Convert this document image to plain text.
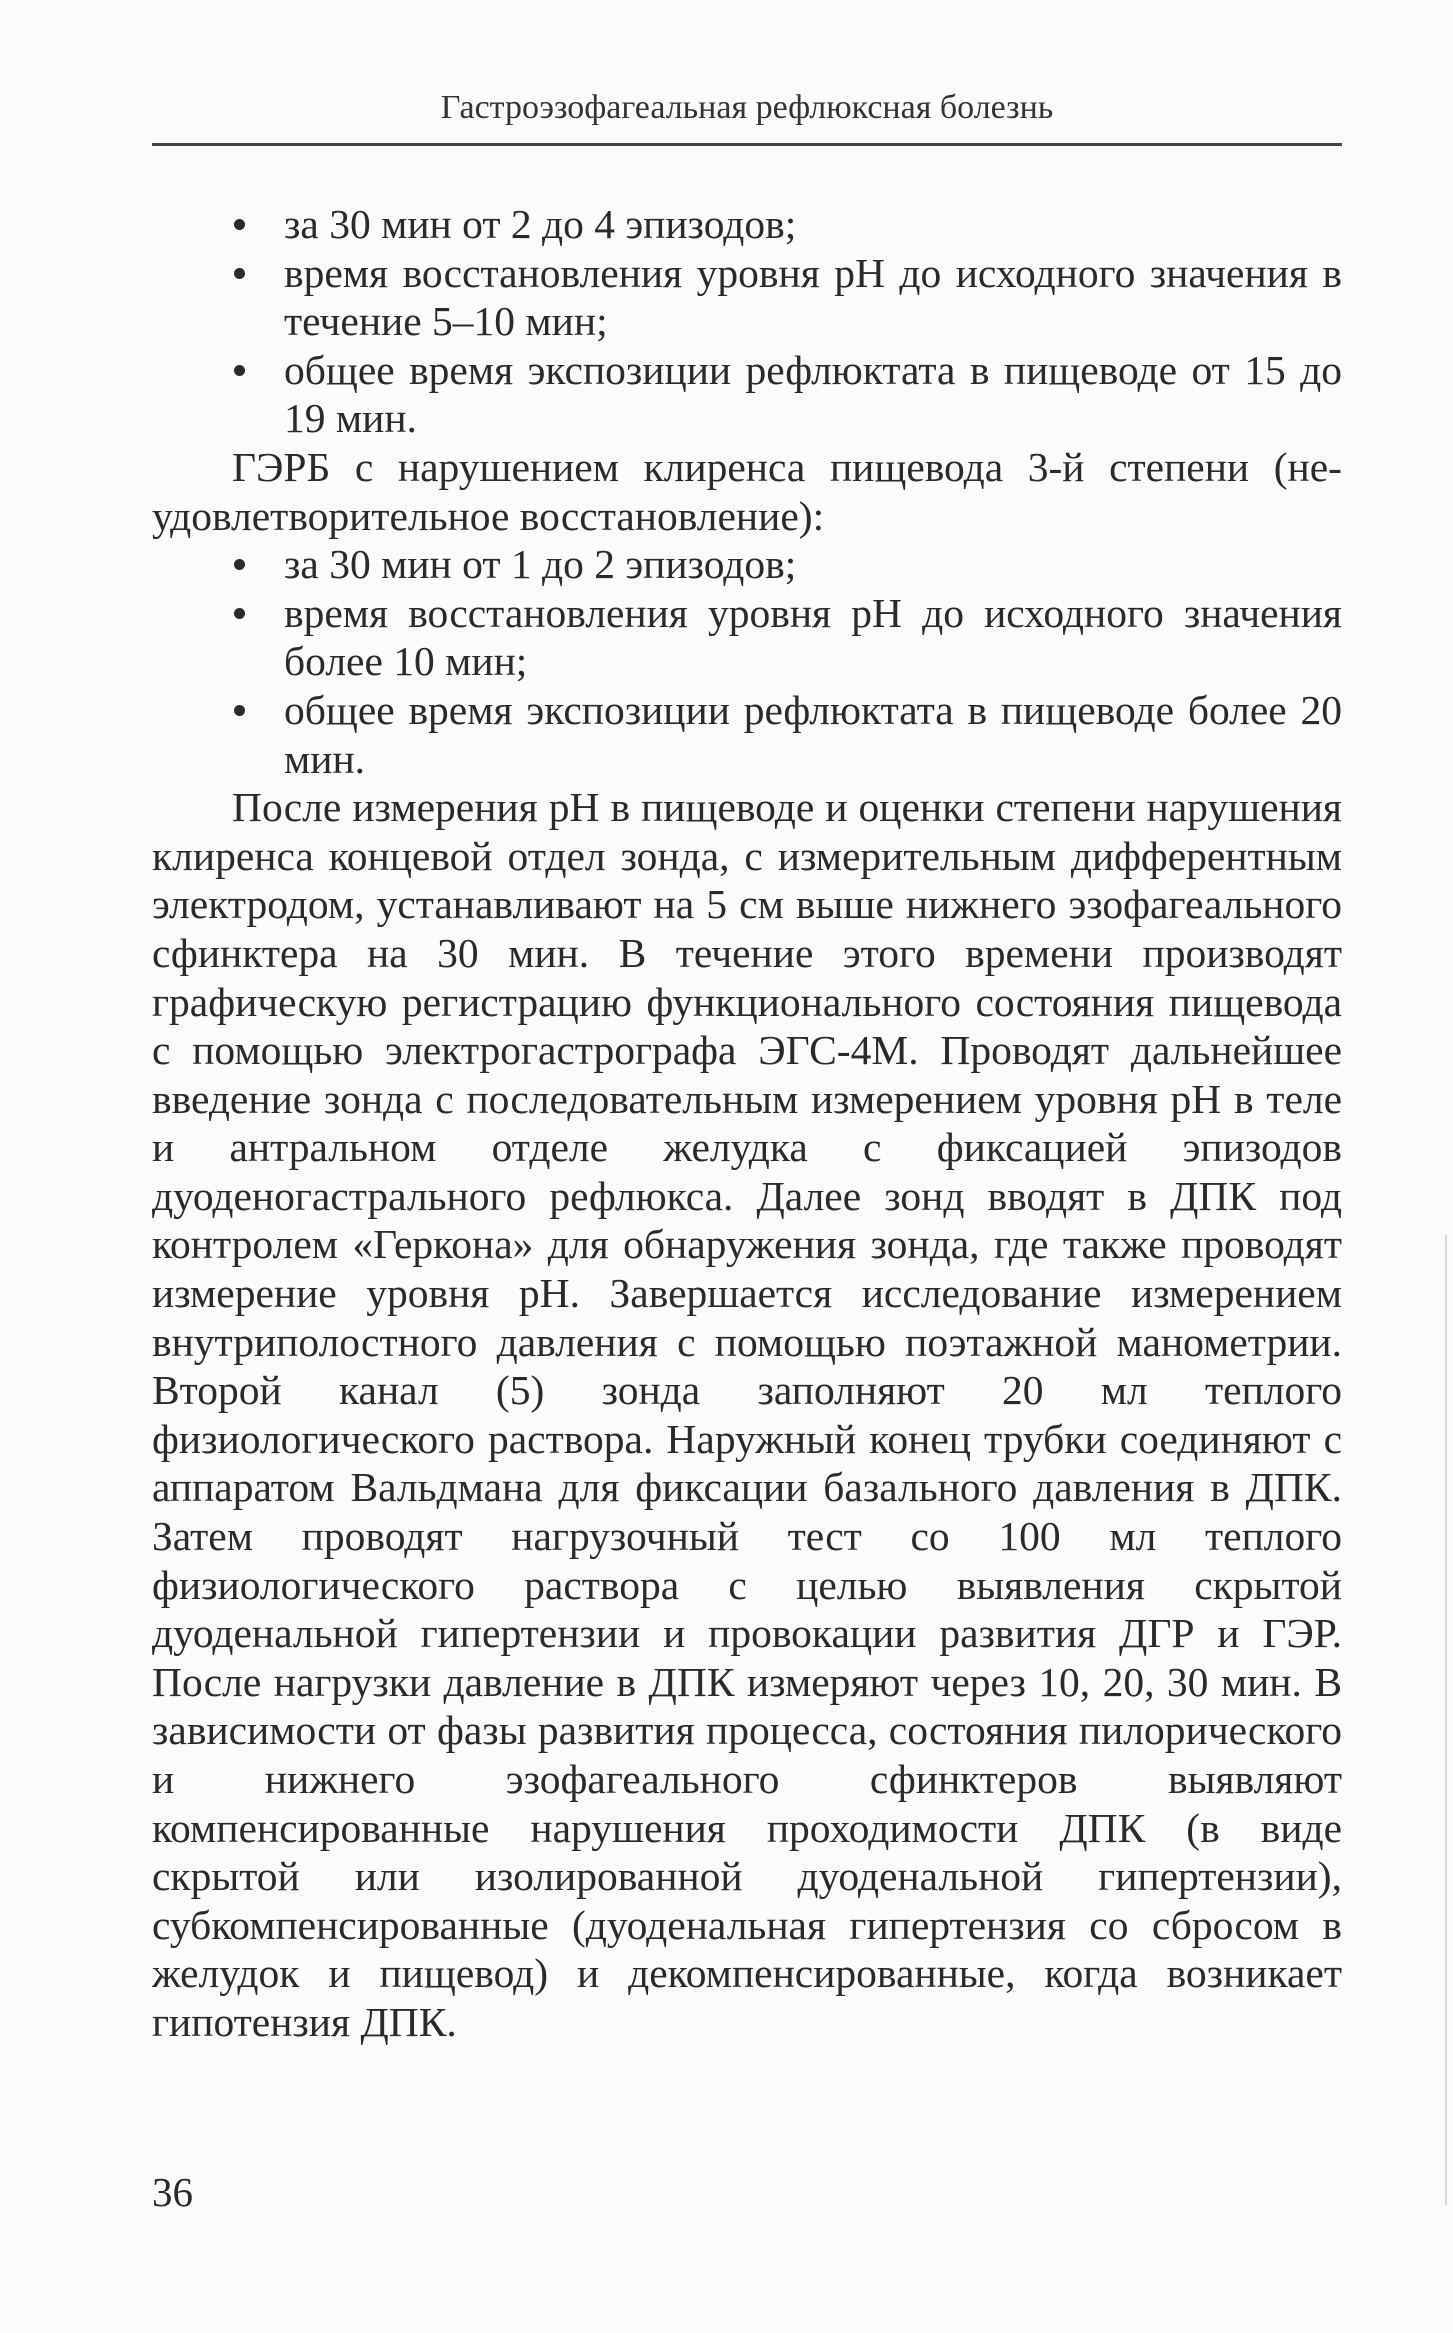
Гастроэзофагеальная рефлюксная болезнь
за 30 мин от 2 до 4 эпизодов;
время восстановления уровня рН до исходного значения в течение 5–10 мин;
общее время экспозиции рефлюктата в пищеводе от 15 до 19 мин.

ГЭРБ с нарушением клиренса пищевода 3-й степени (неудовлетворительное восстановление):

за 30 мин от 1 до 2 эпизодов;
время восстановления уровня рН до исходного значения более 10 мин;
общее время экспозиции рефлюктата в пищеводе более 20 мин.

После измерения рН в пищеводе и оценки степени нарушения клиренса концевой отдел зонда, с измерительным дифферентным электродом, устанавливают на 5 см выше нижнего эзофагеального сфинктера на 30 мин. В течение этого времени производят графическую регистрацию функционального состояния пищевода с помощью электрогастрографа ЭГС-4М. Проводят дальнейшее введение зонда с последовательным измерением уровня рН в теле и антральном отделе желудка с фиксацией эпизодов дуоденогастрального рефлюкса. Далее зонд вводят в ДПК под контролем «Геркона» для обнаружения зонда, где также проводят измерение уровня рН. Завершается исследование измерением внутриполостного давления с помощью поэтажной манометрии. Второй канал (5) зонда заполняют 20 мл теплого физиологического раствора. Наружный конец трубки соединяют с аппаратом Вальдмана для фиксации базального давления в ДПК. Затем проводят нагрузочный тест со 100 мл теплого физиологического раствора с целью выявления скрытой дуоденальной гипертензии и провокации развития ДГР и ГЭР. После нагрузки давление в ДПК измеряют через 10, 20, 30 мин. В зависимости от фазы развития процесса, состояния пилорического и нижнего эзофагеального сфинктеров выявляют компенсированные нарушения проходимости ДПК (в виде скрытой или изолированной дуоденальной гипертензии), субкомпенсированные (дуоденальная гипертензия со сбросом в желудок и пищевод) и декомпенсированные, когда возникает гипотензия ДПК.

36
